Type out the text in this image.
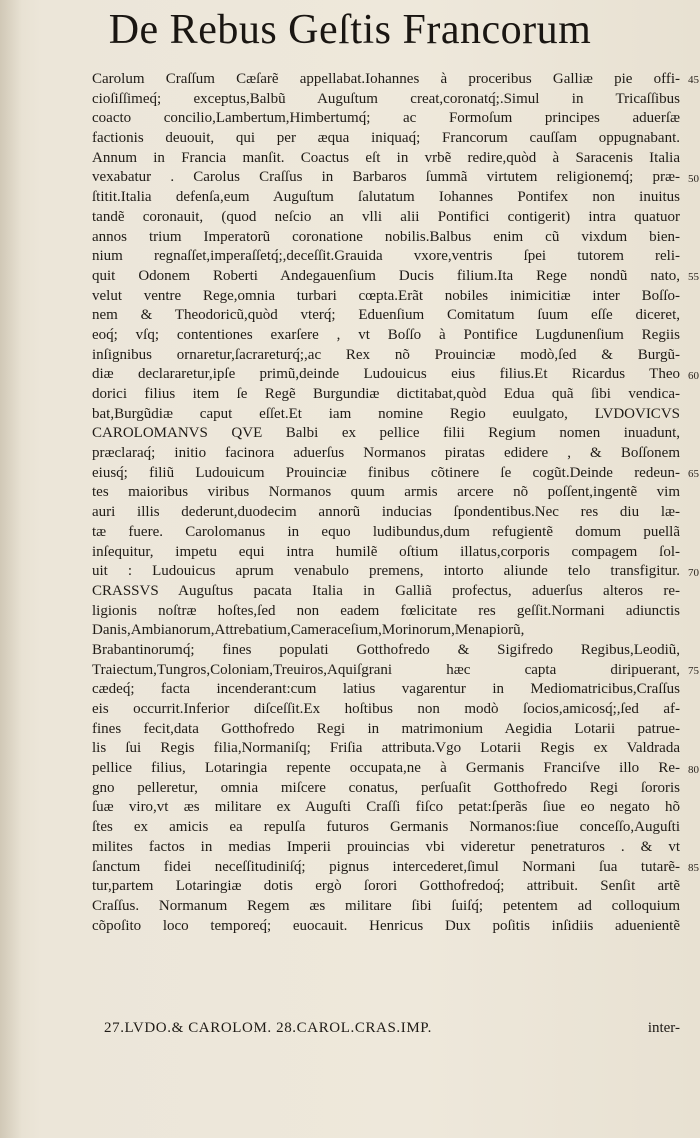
De Rebus Geſtis Francorum
Carolum Craſſum Cæſarẽ appellabat.Iohannes à proceribus Galliæ pie offi-
cioſiſſimeq́; exceptus,Balbũ Auguſtum creat,coronatq́;.Simul in Tricaſſibus
coacto concilio,Lambertum,Himbertumq́; ac Formoſum principes aduerſæ
factionis deuouit, qui per æqua iniquaq́; Francorum cauſſam oppugnabant.
Annum in Francia manſit. Coactus eſt in vrbẽ redire,quòd à Saracenis Italia
vexabatur . Carolus Craſſus in Barbaros ſummã virtutem religionemq́; præ-
ſtitit.Italia defenſa,eum Auguſtum ſalutatum Iohannes Pontifex non inuitus
tandẽ coronauit, (quod neſcio an vlli alii Pontifici contigerit) intra quatuor
annos trium Imperatorũ coronatione nobilis.Balbus enim cũ vixdum bien-
nium regnaſſet,imperaſſetq́;,deceſſit.Grauida vxore,ventris ſpei tutorem reli-
quit Odonem Roberti Andegauenſium Ducis filium.Ita Rege nondũ nato,
velut ventre Rege,omnia turbari cœpta.Erãt nobiles inimicitiæ inter Boſſo-
nem & Theodoricũ,quòd vterq́; Eduenſium Comitatum ſuum eſſe diceret,
eoq́; vſq; contentiones exarſere , vt Boſſo à Pontifice Lugdunenſium Regiis
inſignibus ornaretur,ſacrareturq́;,ac Rex nõ Prouinciæ modò,ſed & Burgũ-
diæ declararetur,ipſe primũ,deinde Ludouicus eius filius.Et Ricardus Theo
dorici filius item ſe Regẽ Burgundiæ dictitabat,quòd Edua quã ſibi vendica-
bat,Burgũdiæ caput eſſet.Et iam nomine Regio euulgato, LVDOVICVS
CAROLOMANVS QVE Balbi ex pellice filii Regium nomen inuadunt,
præclaraq́; initio facinora aduerſus Normanos piratas edidere , & Boſſonem
eiusq́; filiũ Ludouicum Prouinciæ finibus cõtinere ſe cogũt.Deinde redeun-
tes maioribus viribus Normanos quum armis arcere nõ poſſent,ingentẽ vim
auri illis dederunt,duodecim annorũ inducias ſpondentibus.Nec res diu læ-
tæ fuere. Carolomanus in equo ludibundus,dum refugientẽ domum puellã
inſequitur, impetu equi intra humilẽ oſtium illatus,corporis compagem ſol-
uit : Ludouicus aprum venabulo premens, intorto aliunde telo transfigitur.
CRASSVS Auguſtus pacata Italia in Galliã profectus, aduerſus alteros re-
ligionis noſtræ hoſtes,ſed non eadem fœlicitate res geſſit.Normani adiunctis
Danis,Ambianorum,Attrebatium,Cameraceſium,Morinorum,Menapiorũ,
Brabantinorumq́; fines populati Gotthofredo & Sigifredo Regibus,Leodiũ,
Traiectum,Tungros,Coloniam,Treuiros,Aquiſgrani hæc capta diripuerant,
cædeq́; facta incenderant:cum latius vagarentur in Mediomatricibus,Craſſus
eis occurrit.Inferior diſceſſit.Ex hoſtibus non modò ſocios,amicosq́;,ſed af-
fines fecit,data Gotthofredo Regi in matrimonium Aegidia Lotarii patrue-
lis ſui Regis filia,Normaniſq; Friſia attributa.Vgo Lotarii Regis ex Valdrada
pellice filius, Lotaringia repente occupata,ne à Germanis Franciſve illo Re-
gno pelleretur, omnia miſcere conatus, perſuaſit Gotthofredo Regi ſororis
ſuæ viro,vt æs militare ex Auguſti Craſſi fiſco petat:ſperãs ſiue eo negato hõ
ſtes ex amicis ea repulſa futuros Germanis Normanos:ſiue conceſſo,Auguſti
milites factos in medias Imperii prouincias vbi videretur penetraturos . & vt
ſanctum fidei neceſſitudiniſq́; pignus intercederet,ſimul Normani ſua tutarẽ-
tur,partem Lotaringiæ dotis ergò ſorori Gotthofredoq́; attribuit. Senſit artẽ
Craſſus. Normanum Regem æs militare ſibi ſuiſq́; petentem ad colloquium
cõpoſito loco temporeq́; euocauit. Henricus Dux poſitis inſidiis aduenientẽ
45
50
55
60
65
70
75
80
85
27.LVDO.& CAROLOM. 28.CAROL.CRAS.IMP.	inter-
